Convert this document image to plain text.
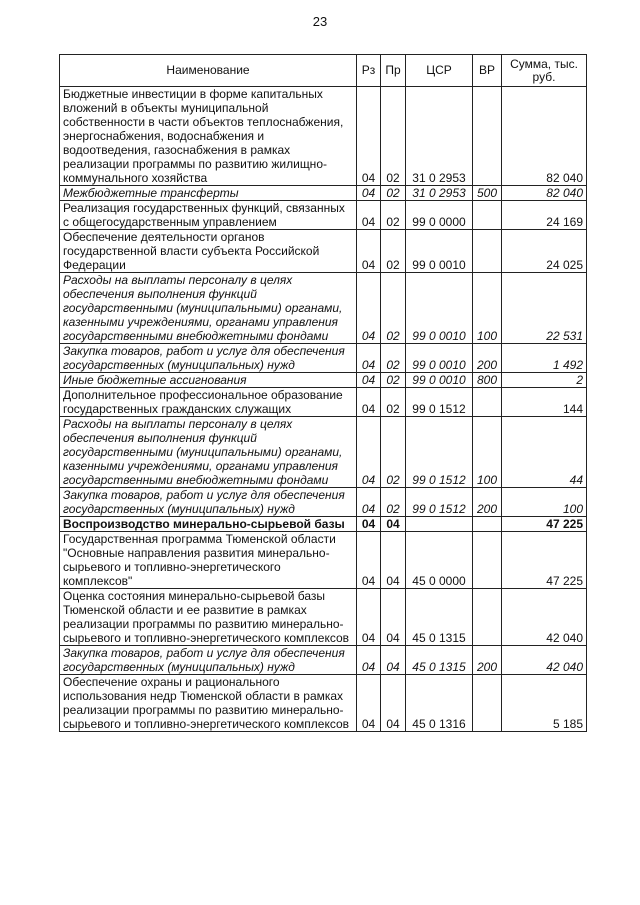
23
Наименование	Рз	Пр	ЦСР	ВР	Сумма, тыс. руб.
Бюджетные инвестиции в форме капитальных вложений в объекты муниципальной собственности в части объектов теплоснабжения, энергоснабжения, водоснабжения и водоотведения, газоснабжения в рамках реализации программы по развитию жилищно-коммунального хозяйства	04	02	31 0 2953		82 040
Межбюджетные трансферты	04	02	31 0 2953	500	82 040
Реализация государственных функций, связанных с общегосударственным управлением	04	02	99 0 0000		24 169
Обеспечение деятельности органов государственной власти субъекта Российской Федерации	04	02	99 0 0010		24 025
Расходы на выплаты персоналу в целях обеспечения выполнения функций государственными (муниципальными) органами, казенными учреждениями, органами управления государственными внебюджетными фондами	04	02	99 0 0010	100	22 531
Закупка товаров, работ и услуг для обеспечения государственных (муниципальных) нужд	04	02	99 0 0010	200	1 492
Иные бюджетные ассигнования	04	02	99 0 0010	800	2
Дополнительное профессиональное образование государственных гражданских служащих	04	02	99 0 1512		144
Расходы на выплаты персоналу в целях обеспечения выполнения функций государственными (муниципальными) органами, казенными учреждениями, органами управления государственными внебюджетными фондами	04	02	99 0 1512	100	44
Закупка товаров, работ и услуг для обеспечения государственных (муниципальных) нужд	04	02	99 0 1512	200	100
Воспроизводство минерально-сырьевой базы	04	04			47 225
Государственная программа Тюменской области "Основные направления развития минерально-сырьевого и топливно-энергетического комплексов"	04	04	45 0 0000		47 225
Оценка состояния минерально-сырьевой базы Тюменской области и ее развитие в рамках реализации программы по развитию минерально-сырьевого и топливно-энергетического комплексов	04	04	45 0 1315		42 040
Закупка товаров, работ и услуг для обеспечения государственных (муниципальных) нужд	04	04	45 0 1315	200	42 040
Обеспечение охраны и рационального использования недр Тюменской области в рамках реализации программы по развитию минерально-сырьевого и топливно-энергетического комплексов	04	04	45 0 1316		5 185
